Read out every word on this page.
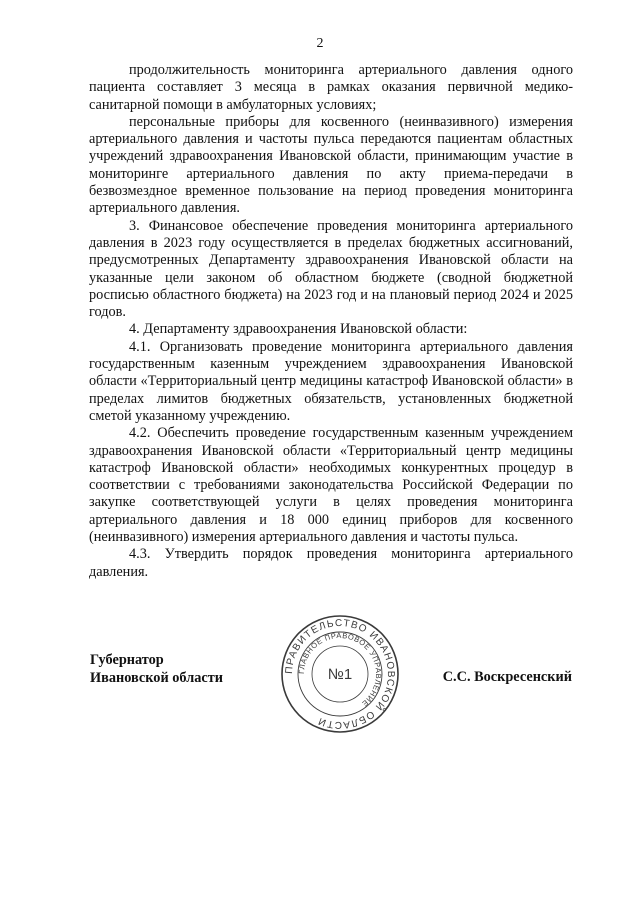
2

продолжительность мониторинга артериального давления одного пациента составляет 3 месяца в рамках оказания первичной медико-санитарной помощи в амбулаторных условиях;

персональные приборы для косвенного (неинвазивного) измерения артериального давления и частоты пульса передаются пациентам областных учреждений здравоохранения Ивановской области, принимающим участие в мониторинге артериального давления по акту приема-передачи в безвозмездное временное пользование на период проведения мониторинга артериального давления.

3. Финансовое обеспечение проведения мониторинга артериального давления в 2023 году осуществляется в пределах бюджетных ассигнований, предусмотренных Департаменту здравоохранения Ивановской области на указанные цели законом об областном бюджете (сводной бюджетной росписью областного бюджета) на 2023 год и на плановый период 2024 и 2025 годов.

4. Департаменту здравоохранения Ивановской области:

4.1. Организовать проведение мониторинга артериального давления государственным казенным учреждением здравоохранения Ивановской области «Территориальный центр медицины катастроф Ивановской области» в пределах лимитов бюджетных обязательств, установленных бюджетной сметой указанному учреждению.

4.2. Обеспечить проведение государственным казенным учреждением здравоохранения Ивановской области «Территориальный центр медицины катастроф Ивановской области» необходимых конкурентных процедур в соответствии с требованиями законодательства Российской Федерации по закупке соответствующей услуги в целях проведения мониторинга артериального давления и 18 000 единиц приборов для косвенного (неинвазивного) измерения артериального давления и частоты пульса.

4.3. Утвердить порядок проведения мониторинга артериального давления.

Губернатор
Ивановской области	ПРАВИТЕЛЬСТВО ИВАНОВСКОЙ ОБЛАСТИ
ГЛАВНОЕ ПРАВОВОЕ УПРАВЛЕНИЕ
№1	С.С. Воскресенский
